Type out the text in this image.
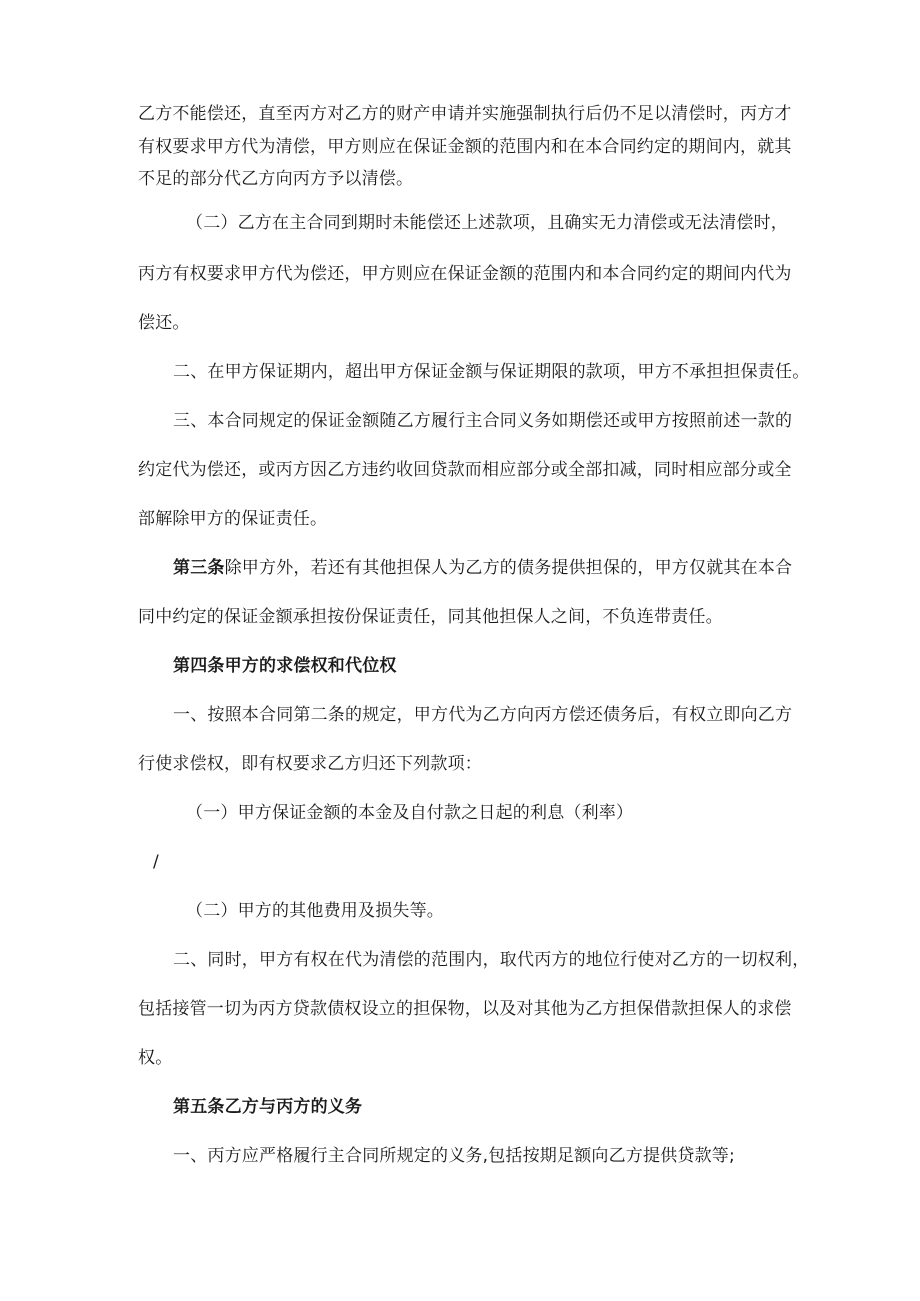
乙方不能偿还，直至丙方对乙方的财产申请并实施强制执行后仍不足以清偿时，丙方才
有权要求甲方代为清偿，甲方则应在保证金额的范围内和在本合同约定的期间内，就其
不足的部分代乙方向丙方予以清偿。
（二）乙方在主合同到期时未能偿还上述款项，且确实无力清偿或无法清偿时，
丙方有权要求甲方代为偿还，甲方则应在保证金额的范围内和本合同约定的期间内代为
偿还。
二、在甲方保证期内，超出甲方保证金额与保证期限的款项，甲方不承担担保责任。
三、本合同规定的保证金额随乙方履行主合同义务如期偿还或甲方按照前述一款的
约定代为偿还，或丙方因乙方违约收回贷款而相应部分或全部扣减，同时相应部分或全
部解除甲方的保证责任。
第三条除甲方外，若还有其他担保人为乙方的债务提供担保的，甲方仅就其在本合
同中约定的保证金额承担按份保证责任，同其他担保人之间，不负连带责任。
第四条甲方的求偿权和代位权
一、按照本合同第二条的规定，甲方代为乙方向丙方偿还债务后，有权立即向乙方
行使求偿权，即有权要求乙方归还下列款项：
（一）甲方保证金额的本金及自付款之日起的利息（利率）
/
（二）甲方的其他费用及损失等。
二、同时，甲方有权在代为清偿的范围内，取代丙方的地位行使对乙方的一切权利，
包括接管一切为丙方贷款债权设立的担保物，以及对其他为乙方担保借款担保人的求偿
权。
第五条乙方与丙方的义务
一、丙方应严格履行主合同所规定的义务,包括按期足额向乙方提供贷款等;
